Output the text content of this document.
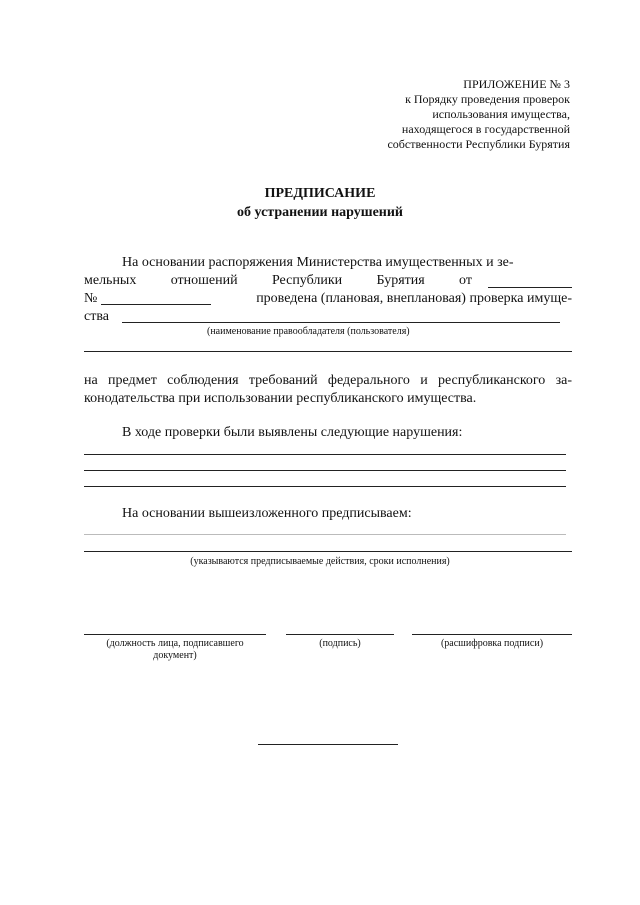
ПРИЛОЖЕНИЕ № 3
к Порядку проведения проверок
использования имущества,
находящегося в государственной
собственности Республики Бурятия
ПРЕДПИСАНИЕ
об устранении нарушений
На основании распоряжения Министерства имущественных и зе-
мельных отношений Республики Бурятия от
№	проведена (плановая, внеплановая) проверка имуще-
ства
(наименование правообладателя (пользователя)
на предмет соблюдения требований федерального и республиканского за-
конодательства при использовании республиканского имущества.
В ходе проверки были выявлены следующие нарушения:
На основании вышеизложенного предписываем:
(указываются предписываемые действия, сроки исполнения)
(должность лица, подписавшего
документ)
(подпись)	(расшифровка подписи)
